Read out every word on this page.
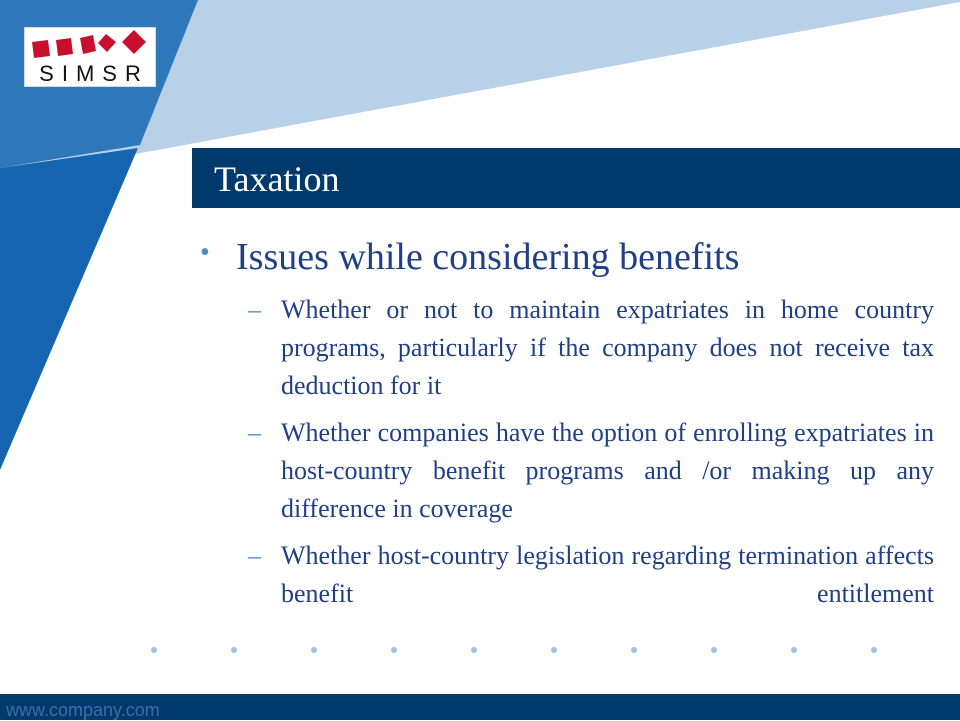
SIMSR
Taxation
• Issues while considering benefits
– Whether or not to maintain expatriates in home country programs, particularly if the company does not receive tax deduction for it
– Whether companies have the option of enrolling expatriates in host-country benefit programs and /or making up any difference in coverage
– Whether host-country legislation regarding termination affects benefit entitlement
www.company.com
